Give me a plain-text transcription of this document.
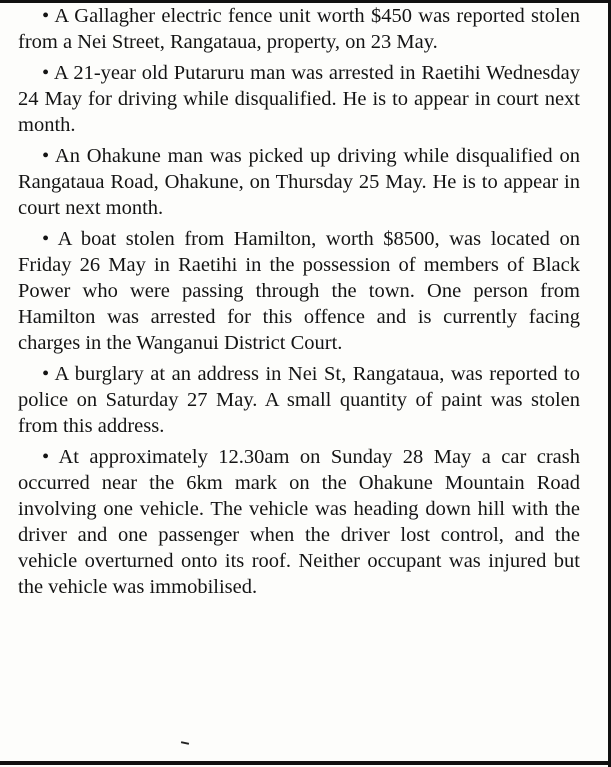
• A Gallagher electric fence unit worth $450 was reported stolen from a Nei Street, Rangataua, property, on 23 May.

• A 21-year old Putaruru man was arrested in Raetihi Wednesday 24 May for driving while disqualified. He is to appear in court next month.

• An Ohakune man was picked up driving while disqualified on Rangataua Road, Ohakune, on Thursday 25 May. He is to appear in court next month.

• A boat stolen from Hamilton, worth $8500, was located on Friday 26 May in Raetihi in the possession of members of Black Power who were passing through the town. One person from Hamilton was arrested for this offence and is currently facing charges in the Wanganui District Court.

• A burglary at an address in Nei St, Rangataua, was reported to police on Saturday 27 May. A small quantity of paint was stolen from this address.

• At approximately 12.30am on Sunday 28 May a car crash occurred near the 6km mark on the Ohakune Mountain Road involving one vehicle. The vehicle was heading down hill with the driver and one passenger when the driver lost control, and the vehicle overturned onto its roof. Neither occupant was injured but the vehicle was immobilised.
